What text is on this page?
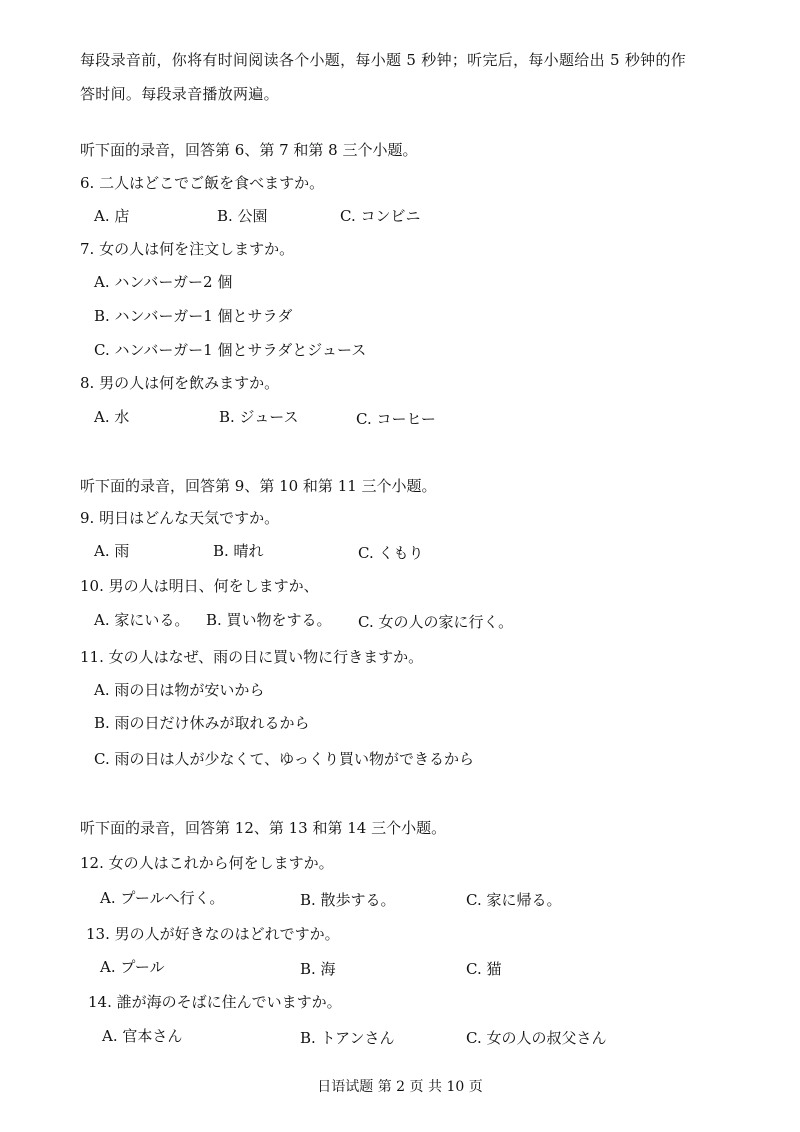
每段录音前，你将有时间阅读各个小题，每小题 5 秒钟；听完后，每小题给出 5 秒钟的作
答时间。每段录音播放两遍。
听下面的录音，回答第 6、第 7 和第 8 三个小题。
6. 二人はどこでご飯を食べますか。
A. 店	B. 公園	C. コンビニ
7. 女の人は何を注文しますか。
A. ハンバーガー2 個
B. ハンバーガー1 個とサラダ
C. ハンバーガー1 個とサラダとジュース
8. 男の人は何を飲みますか。
A. 水	B. ジュース	C. コーヒー
听下面的录音，回答第 9、第 10 和第 11 三个小题。
9. 明日はどんな天気ですか。
A. 雨	B. 晴れ	C. くもり
10. 男の人は明日、何をしますか、
A. 家にいる。 B. 買い物をする。 C. 女の人の家に行く。
11. 女の人はなぜ、雨の日に買い物に行きますか。
A. 雨の日は物が安いから
B. 雨の日だけ休みが取れるから
C. 雨の日は人が少なくて、ゆっくり買い物ができるから
听下面的录音，回答第 12、第 13 和第 14 三个小题。
12. 女の人はこれから何をしますか。
A. プールへ行く。	B. 散歩する。	C. 家に帰る。
13. 男の人が好きなのはどれですか。
A. プール	B. 海	C. 猫
14. 誰が海のそばに住んでいますか。
A. 官本さん	B. トアンさん	C. 女の人の叔父さん
日语试题 第 2 页 共 10 页
